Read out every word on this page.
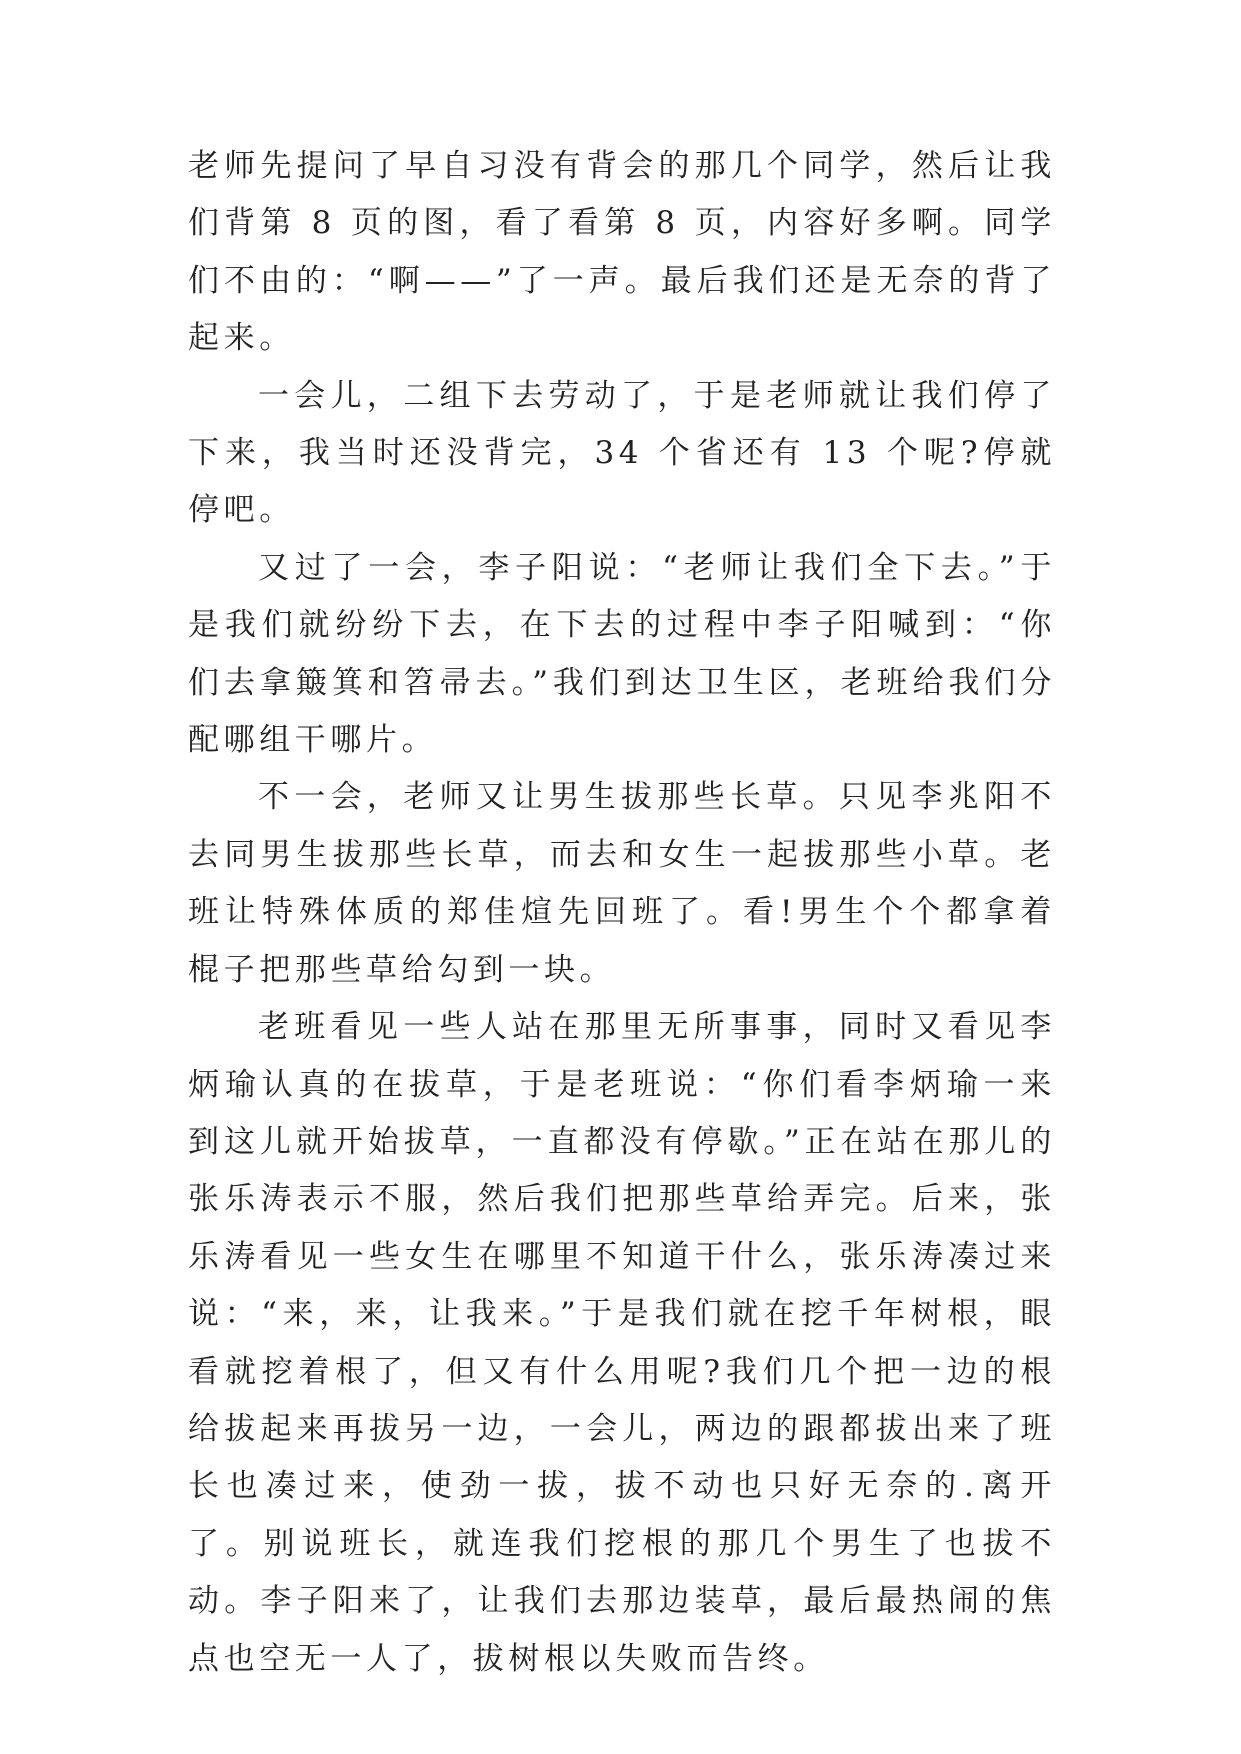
老师先提问了早自习没有背会的那几个同学，然后让我们背第 8 页的图，看了看第 8 页，内容好多啊。同学们不由的：“啊——”了一声。最后我们还是无奈的背了起来。

一会儿，二组下去劳动了，于是老师就让我们停了下来，我当时还没背完，34 个省还有 13 个呢?停就停吧。

又过了一会，李子阳说：“老师让我们全下去。”于是我们就纷纷下去，在下去的过程中李子阳喊到：“你们去拿簸箕和笤帚去。”我们到达卫生区，老班给我们分配哪组干哪片。

不一会，老师又让男生拔那些长草。只见李兆阳不去同男生拔那些长草，而去和女生一起拔那些小草。老班让特殊体质的郑佳煊先回班了。看!男生个个都拿着棍子把那些草给勾到一块。

老班看见一些人站在那里无所事事，同时又看见李炳瑜认真的在拔草，于是老班说：“你们看李炳瑜一来到这儿就开始拔草，一直都没有停歇。”正在站在那儿的张乐涛表示不服，然后我们把那些草给弄完。后来，张乐涛看见一些女生在哪里不知道干什么，张乐涛凑过来说：“来，来，让我来。”于是我们就在挖千年树根，眼看就挖着根了，但又有什么用呢?我们几个把一边的根给拔起来再拔另一边，一会儿，两边的跟都拔出来了班长也凑过来，使劲一拔，拔不动也只好无奈的.离开了。别说班长，就连我们挖根的那几个男生了也拔不动。李子阳来了，让我们去那边装草，最后最热闹的焦点也空无一人了，拔树根以失败而告终。
